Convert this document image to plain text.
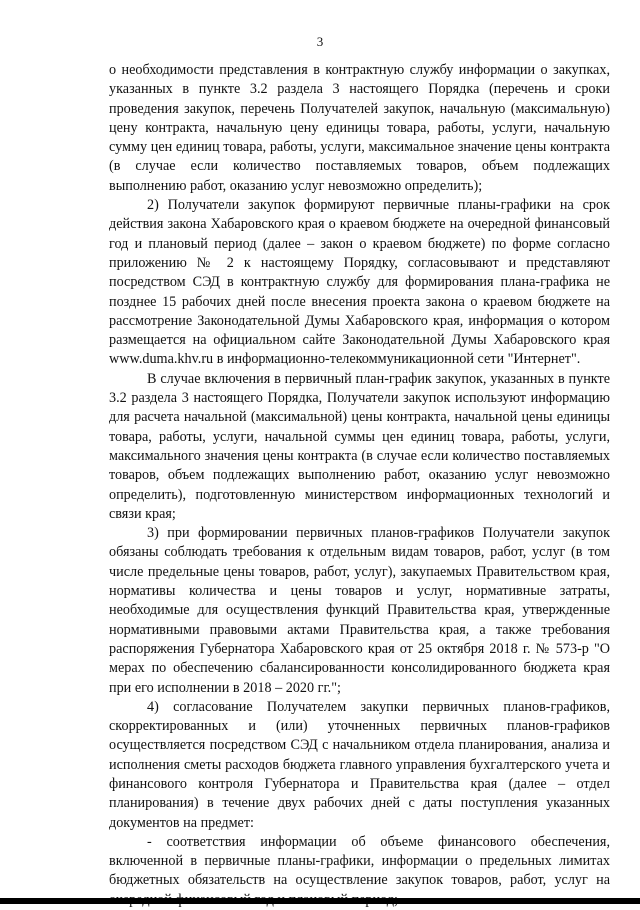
3

о необходимости представления в контрактную службу информации о закупках, указанных в пункте 3.2 раздела 3 настоящего Порядка (перечень и сроки проведения закупок, перечень Получателей закупок, начальную (максимальную) цену контракта, начальную цену единицы товара, работы, услуги, начальную сумму цен единиц товара, работы, услуги, максимальное значение цены контракта (в случае если количество поставляемых товаров, объем подлежащих выполнению работ, оказанию услуг невозможно определить);

2) Получатели закупок формируют первичные планы-графики на срок действия закона Хабаровского края о краевом бюджете на очередной финансовый год и плановый период (далее – закон о краевом бюджете) по форме согласно приложению № 2 к настоящему Порядку, согласовывают и представляют посредством СЭД в контрактную службу для формирования плана-графика не позднее 15 рабочих дней после внесения проекта закона о краевом бюджете на рассмотрение Законодательной Думы Хабаровского края, информация о котором размещается на официальном сайте Законодательной Думы Хабаровского края www.duma.khv.ru в информационно-телекоммуникационной сети "Интернет".

В случае включения в первичный план-график закупок, указанных в пункте 3.2 раздела 3 настоящего Порядка, Получатели закупок используют информацию для расчета начальной (максимальной) цены контракта, начальной цены единицы товара, работы, услуги, начальной суммы цен единиц товара, работы, услуги, максимального значения цены контракта (в случае если количество поставляемых товаров, объем подлежащих выполнению работ, оказанию услуг невозможно определить), подготовленную министерством информационных технологий и связи края;

3) при формировании первичных планов-графиков Получатели закупок обязаны соблюдать требования к отдельным видам товаров, работ, услуг (в том числе предельные цены товаров, работ, услуг), закупаемых Правительством края, нормативы количества и цены товаров и услуг, нормативные затраты, необходимые для осуществления функций Правительства края, утвержденные нормативными правовыми актами Правительства края, а также требования распоряжения Губернатора Хабаровского края от 25 октября 2018 г. № 573-р "О мерах по обеспечению сбалансированности консолидированного бюджета края при его исполнении в 2018 – 2020 гг.";

4) согласование Получателем закупки первичных планов-графиков, скорректированных и (или) уточненных первичных планов-графиков осуществляется посредством СЭД с начальником отдела планирования, анализа и исполнения сметы расходов бюджета главного управления бухгалтерского учета и финансового контроля Губернатора и Правительства края (далее – отдел планирования) в течение двух рабочих дней с даты поступления указанных документов на предмет:

- соответствия информации об объеме финансового обеспечения, включенной в первичные планы-графики, информации о предельных лимитах бюджетных обязательств на осуществление закупок товаров, работ, услуг на
